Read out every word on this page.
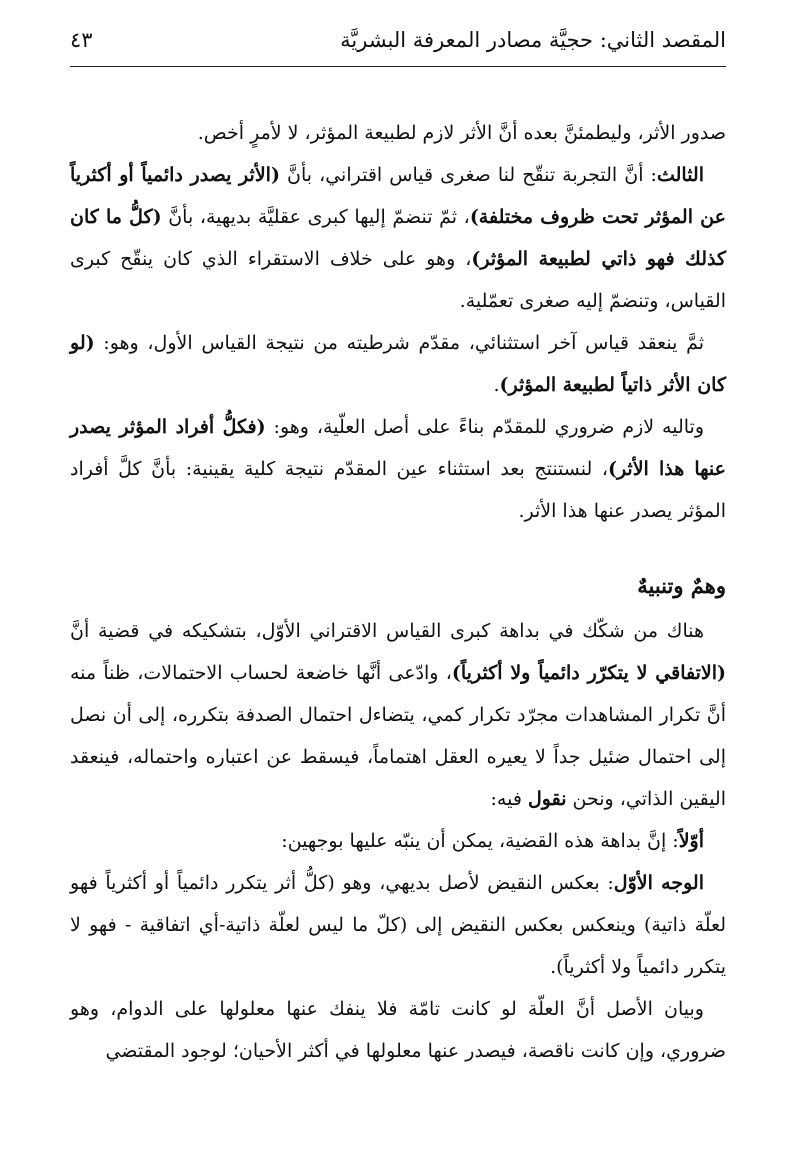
المقصد الثاني: حجيَّة مصادر المعرفة البشريَّة
٤٣

صدور الأثر، وليطمئنَّ بعده أنَّ الأثر لازم لطبيعة المؤثر، لا لأمرٍ أخص.

الثالث: أنَّ التجربة تنقّح لنا صغرى قياس اقتراني، بأنَّ (الأثر يصدر دائمياً أو أكثرياً عن المؤثر تحت ظروف مختلفة)، ثمّ تنضمّ إليها كبرى عقليَّة بديهية، بأنَّ (كلُّ ما كان كذلك فهو ذاتي لطبيعة المؤثر)، وهو على خلاف الاستقراء الذي كان ينقّح كبرى القياس، وتنضمّ إليه صغرى تعمّلية.

ثمَّ ينعقد قياس آخر استثنائي، مقدّم شرطيته من نتيجة القياس الأول، وهو: (لو كان الأثر ذاتياً لطبيعة المؤثر).

وتاليه لازم ضروري للمقدّم بناءً على أصل العلّية، وهو: (فكلُّ أفراد المؤثر يصدر عنها هذا الأثر)، لنستنتج بعد استثناء عين المقدّم نتيجة كلية يقينية: بأنَّ كلَّ أفراد المؤثر يصدر عنها هذا الأثر.

وهمٌ وتنبيهٌ

هناك من شكّك في بداهة كبرى القياس الاقتراني الأوّل، بتشكيكه في قضية أنَّ (الاتفاقي لا يتكرّر دائمياً ولا أكثرياً)، وادّعى أنَّها خاضعة لحساب الاحتمالات، ظناً منه أنَّ تكرار المشاهدات مجرّد تكرار كمي، يتضاءل احتمال الصدفة بتكرره، إلى أن نصل إلى احتمال ضئيل جداً لا يعيره العقل اهتماماً، فيسقط عن اعتباره واحتماله، فينعقد اليقين الذاتي، ونحن نقول فيه:

أوّلاً: إنَّ بداهة هذه القضية، يمكن أن ينبّه عليها بوجهين:

الوجه الأوّل: بعكس النقيض لأصل بديهي، وهو (كلُّ أثر يتكرر دائمياً أو أكثرياً فهو لعلّة ذاتية) وينعكس بعكس النقيض إلى (كلّ ما ليس لعلّة ذاتية-أي اتفاقية - فهو لا يتكرر دائمياً ولا أكثرياً).

وبيان الأصل أنَّ العلّة لو كانت تامّة فلا ينفك عنها معلولها على الدوام، وهو ضروري، وإن كانت ناقصة، فيصدر عنها معلولها في أكثر الأحيان؛ لوجود المقتضي
